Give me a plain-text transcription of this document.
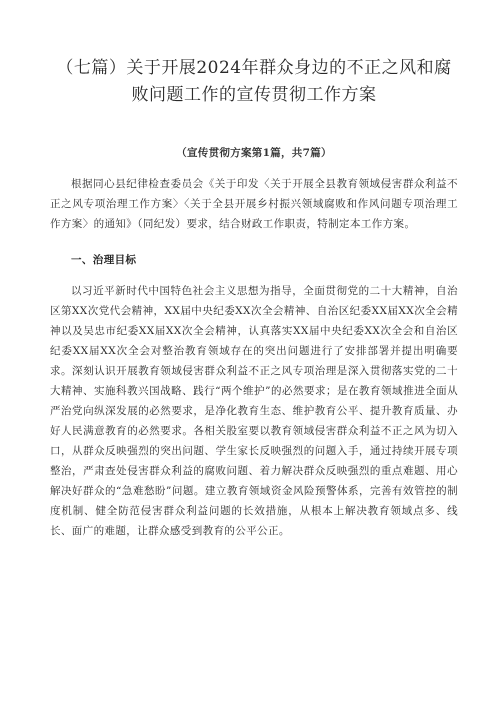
（七篇）关于开展2024年群众身边的不正之风和腐
败问题工作的宣传贯彻工作方案
（宣传贯彻方案第1篇，共7篇）

根据同心县纪律检查委员会《关于印发〈关于开展全县教育领域侵害群众利益不正之风专项治理工作方案〉〈关于全县开展乡村振兴领域腐败和作风问题专项治理工作方案〉的通知》（同纪发）要求，结合财政工作职责，特制定本工作方案。

一、治理目标

以习近平新时代中国特色社会主义思想为指导，全面贯彻党的二十大精神，自治区第XX次党代会精神，XX届中央纪委XX次全会精神、自治区纪委XX届XX次全会精神以及吴忠市纪委XX届XX次全会精神，认真落实XX届中央纪委XX次全会和自治区纪委XX届XX次全会对整治教育领域存在的突出问题进行了安排部署并提出明确要求。深刻认识开展教育领域侵害群众利益不正之风专项治理是深入贯彻落实党的二十大精神、实施科教兴国战略、践行“两个维护”的必然要求；是在教育领域推进全面从严治党向纵深发展的必然要求，是净化教育生态、维护教育公平、提升教育质量、办好人民满意教育的必然要求。各相关股室要以教育领域侵害群众利益不正之风为切入口，从群众反映强烈的突出问题、学生家长反映强烈的问题入手，通过持续开展专项整治，严肃查处侵害群众利益的腐败问题、着力解决群众反映强烈的重点难题、用心解决好群众的“急难愁盼”问题。建立教育领域资金风险预警体系，完善有效管控的制度机制、健全防范侵害群众利益问题的长效措施，从根本上解决教育领域点多、线长、面广的难题，让群众感受到教育的公平公正。
